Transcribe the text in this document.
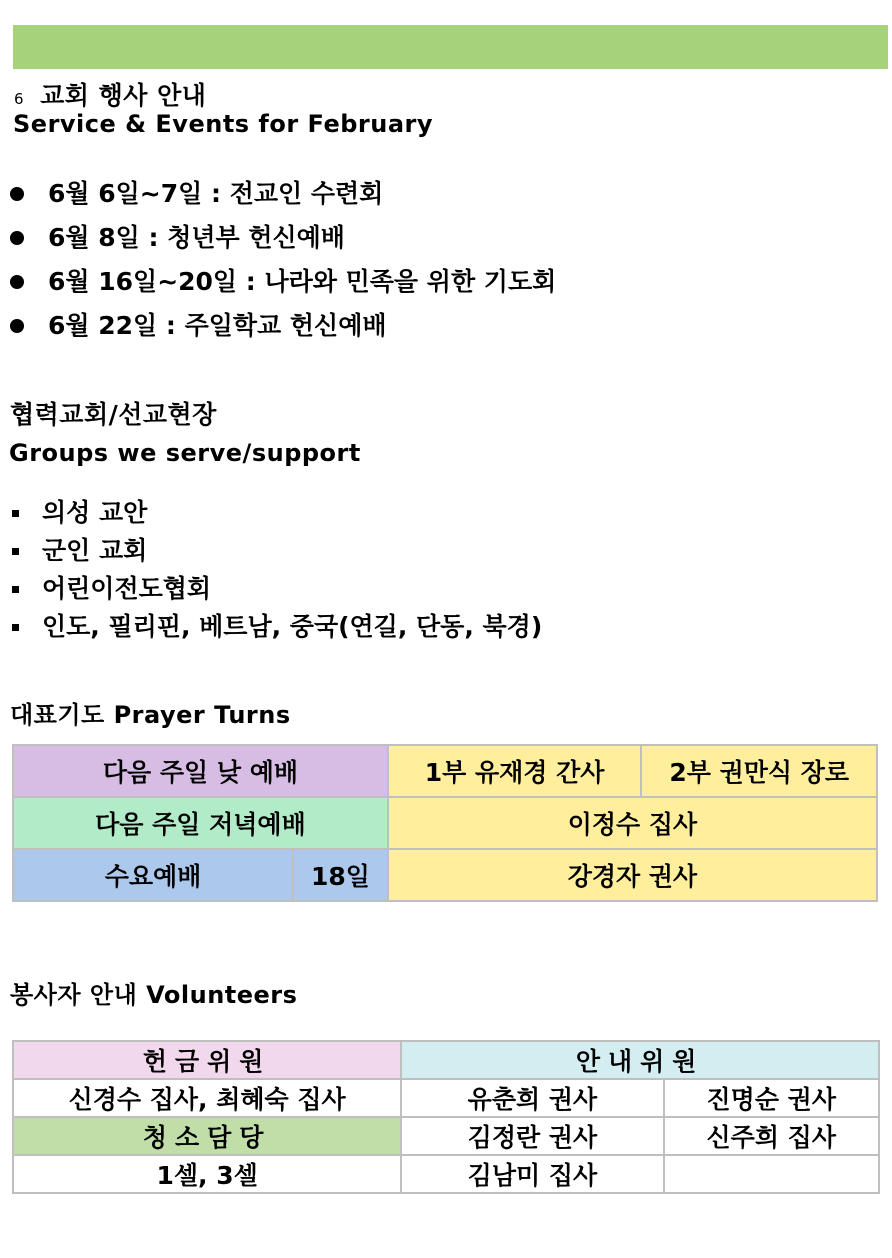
6 교회 행사 안내
Service & Events for February
6월 6일~7일 : 전교인 수련회
6월 8일 : 청년부 헌신예배
6월 16일~20일 : 나라와 민족을 위한 기도회
6월 22일 : 주일학교 헌신예배
협력교회/선교현장
Groups we serve/support
의성 교안
군인 교회
어린이전도협회
인도, 필리핀, 베트남, 중국(연길, 단동, 북경)
대표기도 Prayer Turns
다음 주일 낮 예배		1부 유재경 간사	2부 권만식 장로
다음 주일 저녁예배		이정수 집사	
수요예배	18일	강경자 권사	
봉사자 안내 Volunteers
헌금위원	안내위원	
신경수 집사, 최혜숙 집사	유춘희 권사	진명순 권사
청소담당	김정란 권사	신주희 집사
1셀, 3셀	김남미 집사	
